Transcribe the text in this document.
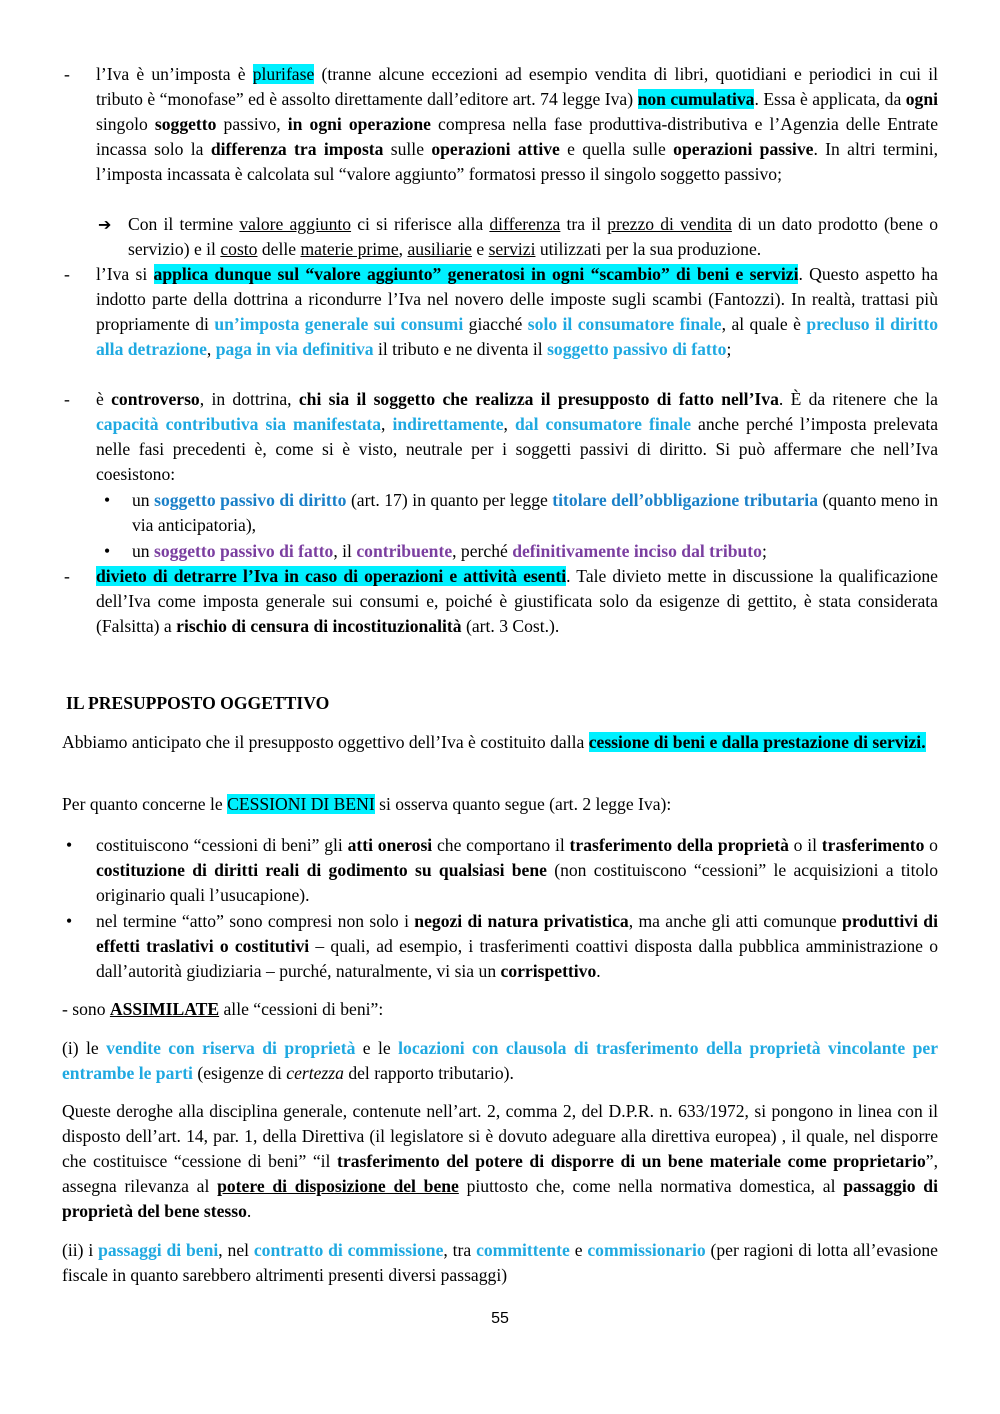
- l’Iva è un’imposta è plurifase (tranne alcune eccezioni ad esempio vendita di libri, quotidiani e periodici in cui il tributo è “monofase” ed è assolto direttamente dall’editore art. 74 legge Iva) non cumulativa. Essa è applicata, da ogni singolo soggetto passivo, in ogni operazione compresa nella fase produttiva-distributiva e l’Agenzia delle Entrate incassa solo la differenza tra imposta sulle operazioni attive e quella sulle operazioni passive. In altri termini, l’imposta incassata è calcolata sul “valore aggiunto” formatosi presso il singolo soggetto passivo;

➔ Con il termine valore aggiunto ci si riferisce alla differenza tra il prezzo di vendita di un dato prodotto (bene o servizio) e il costo delle materie prime, ausiliarie e servizi utilizzati per la sua produzione.

- l’Iva si applica dunque sul “valore aggiunto” generatosi in ogni “scambio” di beni e servizi. Questo aspetto ha indotto parte della dottrina a ricondurre l’Iva nel novero delle imposte sugli scambi (Fantozzi). In realtà, trattasi più propriamente di un’imposta generale sui consumi giacché solo il consumatore finale, al quale è precluso il diritto alla detrazione, paga in via definitiva il tributo e ne diventa il soggetto passivo di fatto;

- è controverso, in dottrina, chi sia il soggetto che realizza il presupposto di fatto nell’Iva. È da ritenere che la capacità contributiva sia manifestata, indirettamente, dal consumatore finale anche perché l’imposta prelevata nelle fasi precedenti è, come si è visto, neutrale per i soggetti passivi di diritto. Si può affermare che nell’Iva coesistono:

• un soggetto passivo di diritto (art. 17) in quanto per legge titolare dell’obbligazione tributaria (quanto meno in via anticipatoria),

• un soggetto passivo di fatto, il contribuente, perché definitivamente inciso dal tributo;

- divieto di detrarre l’Iva in caso di operazioni e attività esenti. Tale divieto mette in discussione la qualificazione dell’Iva come imposta generale sui consumi e, poiché è giustificata solo da esigenze di gettito, è stata considerata (Falsitta) a rischio di censura di incostituzionalità (art. 3 Cost.).

IL PRESUPPOSTO OGGETTIVO

Abbiamo anticipato che il presupposto oggettivo dell’Iva è costituito dalla cessione di beni e dalla prestazione di servizi.

Per quanto concerne le CESSIONI DI BENI si osserva quanto segue (art. 2 legge Iva):

• costituiscono “cessioni di beni” gli atti onerosi che comportano il trasferimento della proprietà o il trasferimento o costituzione di diritti reali di godimento su qualsiasi bene (non costituiscono “cessioni” le acquisizioni a titolo originario quali l’usucapione).

• nel termine “atto” sono compresi non solo i negozi di natura privatistica, ma anche gli atti comunque produttivi di effetti traslativi o costitutivi – quali, ad esempio, i trasferimenti coattivi disposta dalla pubblica amministrazione o dall’autorità giudiziaria – purché, naturalmente, vi sia un corrispettivo.

- sono ASSIMILATE alle “cessioni di beni”:

(i) le vendite con riserva di proprietà e le locazioni con clausola di trasferimento della proprietà vincolante per entrambe le parti (esigenze di certezza del rapporto tributario).

Queste deroghe alla disciplina generale, contenute nell’art. 2, comma 2, del D.P.R. n. 633/1972, si pongono in linea con il disposto dell’art. 14, par. 1, della Direttiva (il legislatore si è dovuto adeguare alla direttiva europea) , il quale, nel disporre che costituisce “cessione di beni” “il trasferimento del potere di disporre di un bene materiale come proprietario”, assegna rilevanza al potere di disposizione del bene piuttosto che, come nella normativa domestica, al passaggio di proprietà del bene stesso.

(ii) i passaggi di beni, nel contratto di commissione, tra committente e commissionario (per ragioni di lotta all’evasione fiscale in quanto sarebbero altrimenti presenti diversi passaggi)

55
